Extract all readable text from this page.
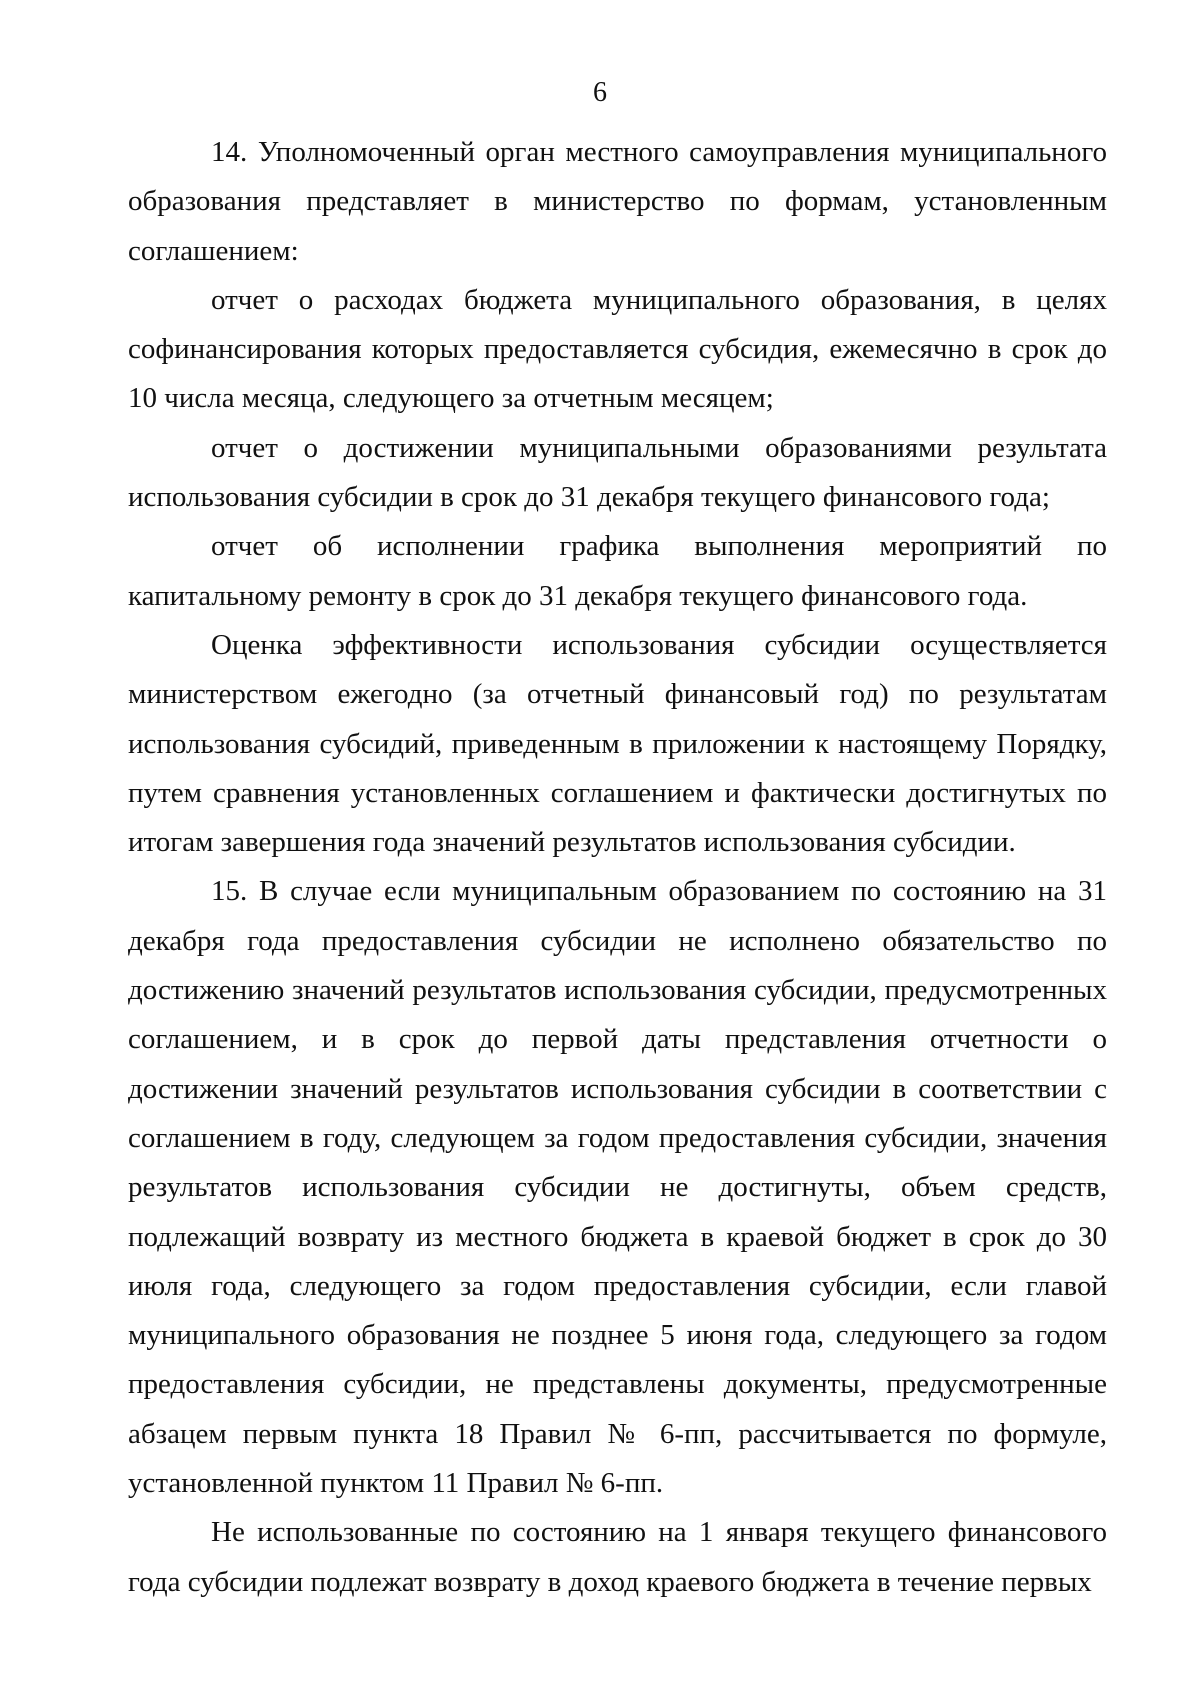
6

14. Уполномоченный орган местного самоуправления муниципального образования представляет в министерство по формам, установленным соглашением:

отчет о расходах бюджета муниципального образования, в целях софинансирования которых предоставляется субсидия, ежемесячно в срок до 10 числа месяца, следующего за отчетным месяцем;

отчет о достижении муниципальными образованиями результата использования субсидии в срок до 31 декабря текущего финансового года;

отчет об исполнении графика выполнения мероприятий по капитальному ремонту в срок до 31 декабря текущего финансового года.

Оценка эффективности использования субсидии осуществляется министерством ежегодно (за отчетный финансовый год) по результатам использования субсидий, приведенным в приложении к настоящему Порядку, путем сравнения установленных соглашением и фактически достигнутых по итогам завершения года значений результатов использования субсидии.

15. В случае если муниципальным образованием по состоянию на 31 декабря года предоставления субсидии не исполнено обязательство по достижению значений результатов использования субсидии, предусмотренных соглашением, и в срок до первой даты представления отчетности о достижении значений результатов использования субсидии в соответствии с соглашением в году, следующем за годом предоставления субсидии, значения результатов использования субсидии не достигнуты, объем средств, подлежащий возврату из местного бюджета в краевой бюджет в срок до 30 июля года, следующего за годом предоставления субсидии, если главой муниципального образования не позднее 5 июня года, следующего за годом предоставления субсидии, не представлены документы, предусмотренные абзацем первым пункта 18 Правил № 6-пп, рассчитывается по формуле, установленной пунктом 11 Правил № 6-пп.

Не использованные по состоянию на 1 января текущего финансового года субсидии подлежат возврату в доход краевого бюджета в течение первых
